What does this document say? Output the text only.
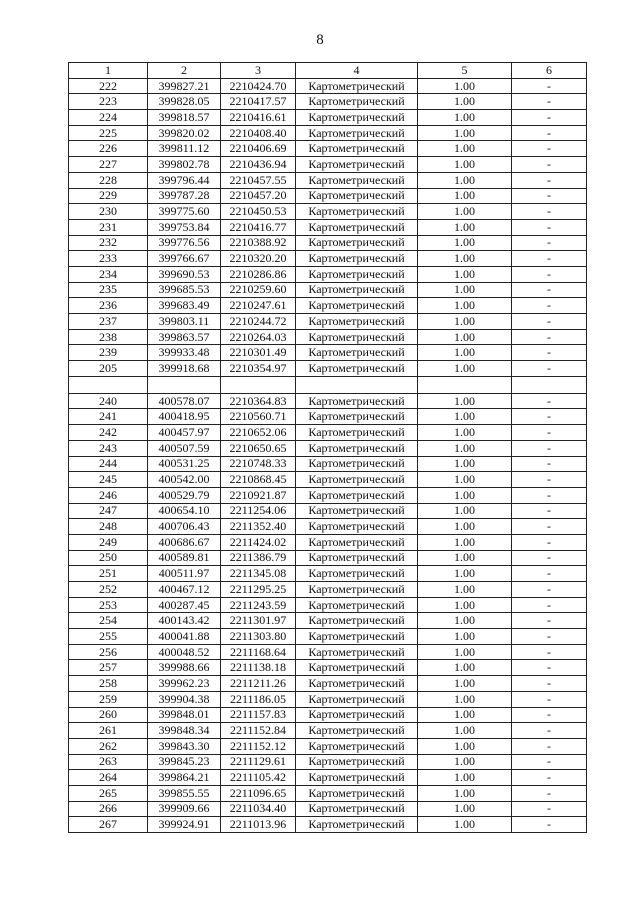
8
1	2	3	4	5	6
222	399827.21	2210424.70	Картометрический	1.00	-
223	399828.05	2210417.57	Картометрический	1.00	-
224	399818.57	2210416.61	Картометрический	1.00	-
225	399820.02	2210408.40	Картометрический	1.00	-
226	399811.12	2210406.69	Картометрический	1.00	-
227	399802.78	2210436.94	Картометрический	1.00	-
228	399796.44	2210457.55	Картометрический	1.00	-
229	399787.28	2210457.20	Картометрический	1.00	-
230	399775.60	2210450.53	Картометрический	1.00	-
231	399753.84	2210416.77	Картометрический	1.00	-
232	399776.56	2210388.92	Картометрический	1.00	-
233	399766.67	2210320.20	Картометрический	1.00	-
234	399690.53	2210286.86	Картометрический	1.00	-
235	399685.53	2210259.60	Картометрический	1.00	-
236	399683.49	2210247.61	Картометрический	1.00	-
237	399803.11	2210244.72	Картометрический	1.00	-
238	399863.57	2210264.03	Картометрический	1.00	-
239	399933.48	2210301.49	Картометрический	1.00	-
205	399918.68	2210354.97	Картометрический	1.00	-

240	400578.07	2210364.83	Картометрический	1.00	-
241	400418.95	2210560.71	Картометрический	1.00	-
242	400457.97	2210652.06	Картометрический	1.00	-
243	400507.59	2210650.65	Картометрический	1.00	-
244	400531.25	2210748.33	Картометрический	1.00	-
245	400542.00	2210868.45	Картометрический	1.00	-
246	400529.79	2210921.87	Картометрический	1.00	-
247	400654.10	2211254.06	Картометрический	1.00	-
248	400706.43	2211352.40	Картометрический	1.00	-
249	400686.67	2211424.02	Картометрический	1.00	-
250	400589.81	2211386.79	Картометрический	1.00	-
251	400511.97	2211345.08	Картометрический	1.00	-
252	400467.12	2211295.25	Картометрический	1.00	-
253	400287.45	2211243.59	Картометрический	1.00	-
254	400143.42	2211301.97	Картометрический	1.00	-
255	400041.88	2211303.80	Картометрический	1.00	-
256	400048.52	2211168.64	Картометрический	1.00	-
257	399988.66	2211138.18	Картометрический	1.00	-
258	399962.23	2211211.26	Картометрический	1.00	-
259	399904.38	2211186.05	Картометрический	1.00	-
260	399848.01	2211157.83	Картометрический	1.00	-
261	399848.34	2211152.84	Картометрический	1.00	-
262	399843.30	2211152.12	Картометрический	1.00	-
263	399845.23	2211129.61	Картометрический	1.00	-
264	399864.21	2211105.42	Картометрический	1.00	-
265	399855.55	2211096.65	Картометрический	1.00	-
266	399909.66	2211034.40	Картометрический	1.00	-
267	399924.91	2211013.96	Картометрический	1.00	-
